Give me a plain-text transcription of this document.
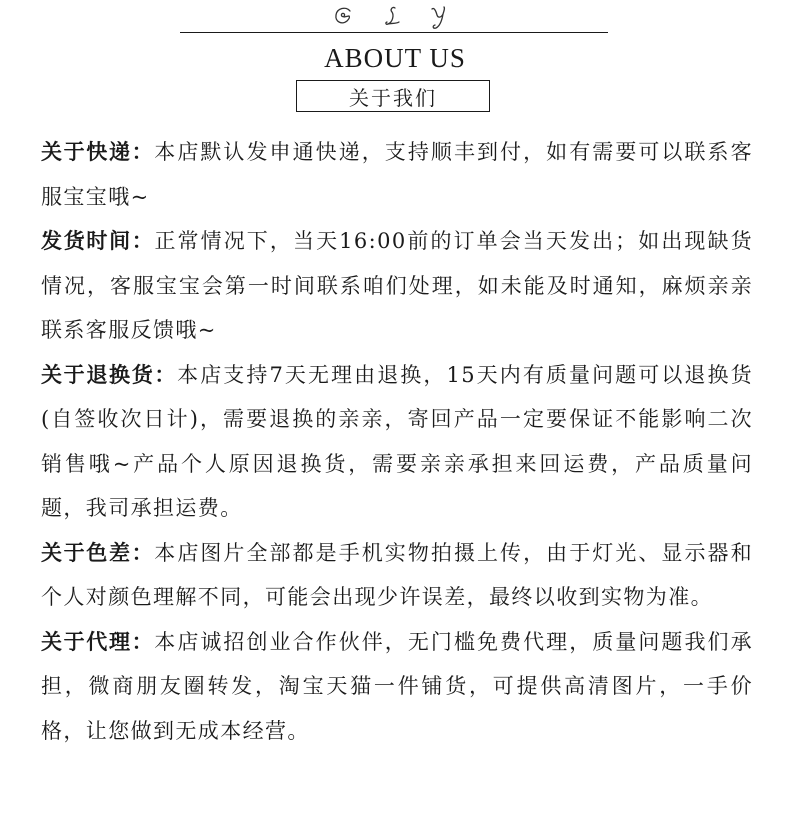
ABOUT US
关于我们

关于快递：本店默认发申通快递，支持顺丰到付，如有需要可以联系客服宝宝哦~

发货时间：正常情况下，当天16:00前的订单会当天发出；如出现缺货情况，客服宝宝会第一时间联系咱们处理，如未能及时通知，麻烦亲亲联系客服反馈哦~

关于退换货：本店支持7天无理由退换，15天内有质量问题可以退换货(自签收次日计)，需要退换的亲亲，寄回产品一定要保证不能影响二次销售哦~产品个人原因退换货，需要亲亲承担来回运费，产品质量问题，我司承担运费。

关于色差：本店图片全部都是手机实物拍摄上传，由于灯光、显示器和个人对颜色理解不同，可能会出现少许误差，最终以收到实物为准。

关于代理：本店诚招创业合作伙伴，无门槛免费代理，质量问题我们承担，微商朋友圈转发，淘宝天猫一件铺货，可提供高清图片，一手价格，让您做到无成本经营。
